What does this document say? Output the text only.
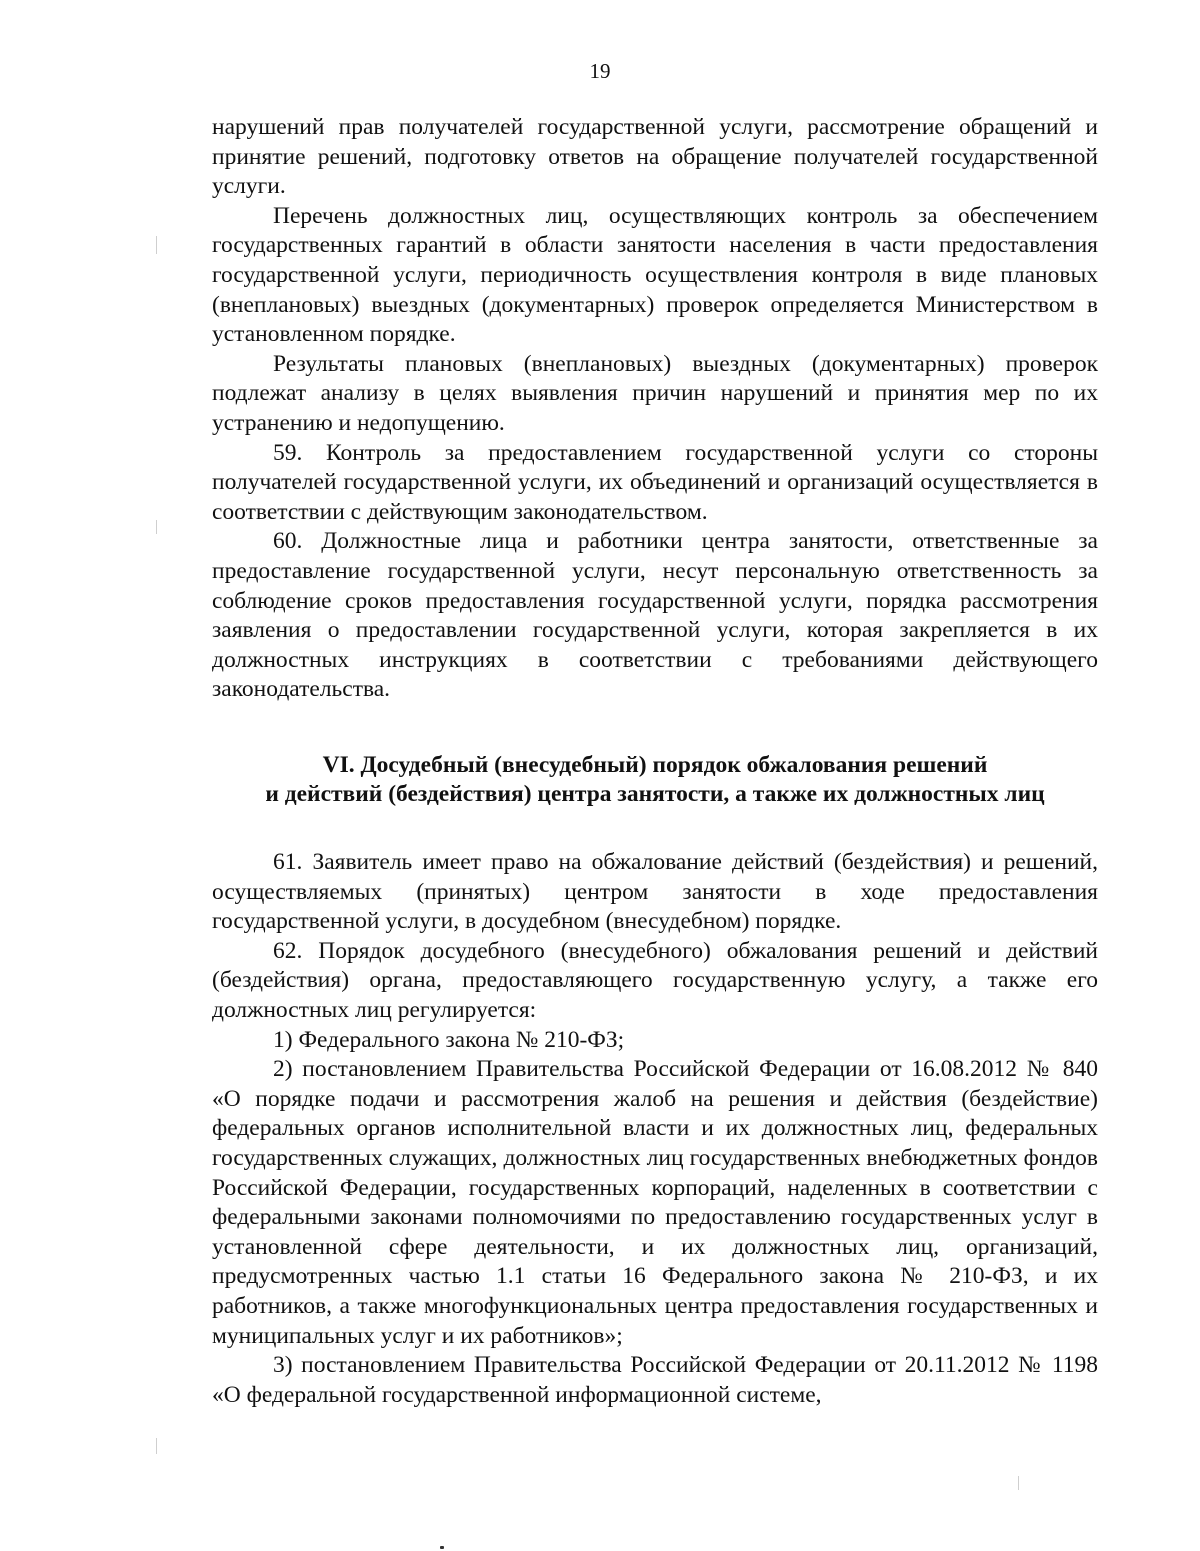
19

нарушений прав получателей государственной услуги, рассмотрение обращений и принятие решений, подготовку ответов на обращение получателей государственной услуги.

Перечень должностных лиц, осуществляющих контроль за обеспечением государственных гарантий в области занятости населения в части предоставления государственной услуги, периодичность осуществления контроля в виде плановых (внеплановых) выездных (документарных) проверок определяется Министерством в установленном порядке.

Результаты плановых (внеплановых) выездных (документарных) проверок подлежат анализу в целях выявления причин нарушений и принятия мер по их устранению и недопущению.

59. Контроль за предоставлением государственной услуги со стороны получателей государственной услуги, их объединений и организаций осуществляется в соответствии с действующим законодательством.

60. Должностные лица и работники центра занятости, ответственные за предоставление государственной услуги, несут персональную ответственность за соблюдение сроков предоставления государственной услуги, порядка рассмотрения заявления о предоставлении государственной услуги, которая закрепляется в их должностных инструкциях в соответствии с требованиями действующего законодательства.

VI. Досудебный (внесудебный) порядок обжалования решений
и действий (бездействия) центра занятости, а также их должностных лиц

61. Заявитель имеет право на обжалование действий (бездействия) и решений, осуществляемых (принятых) центром занятости в ходе предоставления государственной услуги, в досудебном (внесудебном) порядке.

62. Порядок досудебного (внесудебного) обжалования решений и действий (бездействия) органа, предоставляющего государственную услугу, а также его должностных лиц регулируется:

1) Федерального закона № 210-ФЗ;

2) постановлением Правительства Российской Федерации от 16.08.2012 № 840 «О порядке подачи и рассмотрения жалоб на решения и действия (бездействие) федеральных органов исполнительной власти и их должностных лиц, федеральных государственных служащих, должностных лиц государственных внебюджетных фондов Российской Федерации, государственных корпораций, наделенных в соответствии с федеральными законами полномочиями по предоставлению государственных услуг в установленной сфере деятельности, и их должностных лиц, организаций, предусмотренных частью 1.1 статьи 16 Федерального закона № 210-ФЗ, и их работников, а также многофункциональных центра предоставления государственных и муниципальных услуг и их работников»;

3) постановлением Правительства Российской Федерации от 20.11.2012 № 1198 «О федеральной государственной информационной системе,
